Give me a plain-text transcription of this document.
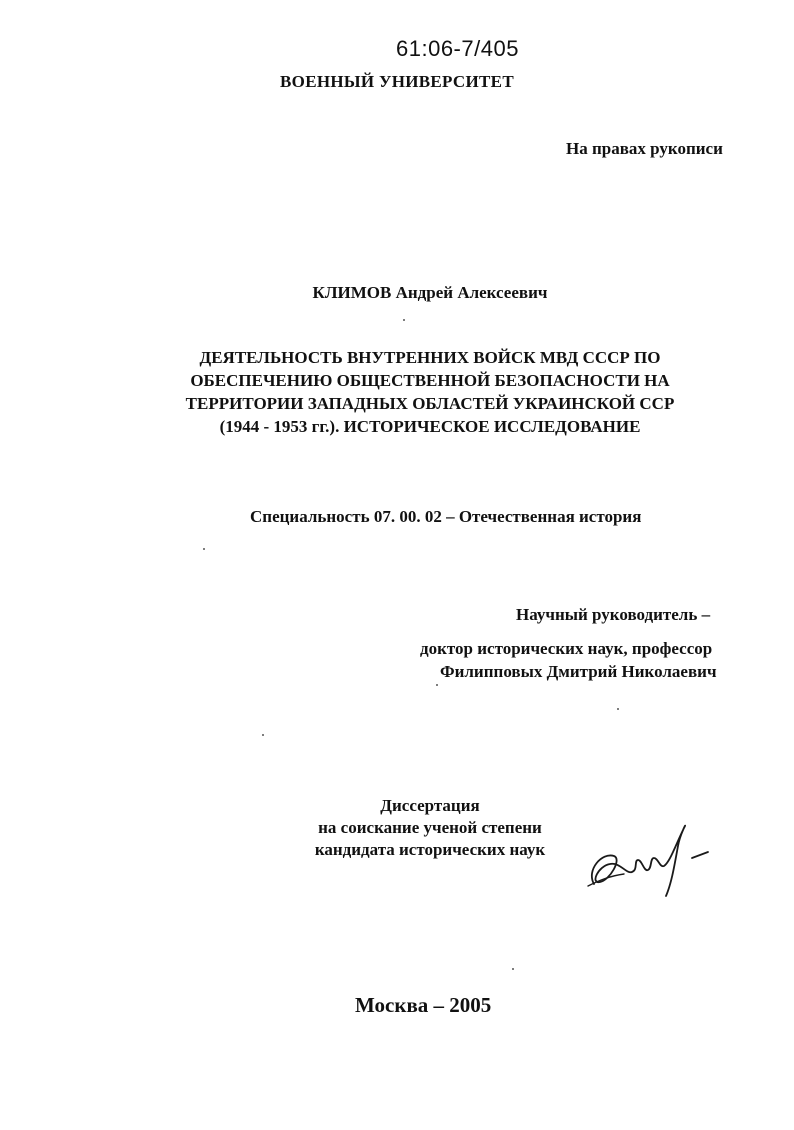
61:06-7/405
ВОЕННЫЙ УНИВЕРСИТЕТ
На правах рукописи
КЛИМОВ Андрей Алексеевич
ДЕЯТЕЛЬНОСТЬ ВНУТРЕННИХ ВОЙСК МВД СССР ПО
ОБЕСПЕЧЕНИЮ ОБЩЕСТВЕННОЙ БЕЗОПАСНОСТИ НА
ТЕРРИТОРИИ ЗАПАДНЫХ ОБЛАСТЕЙ УКРАИНСКОЙ ССР
(1944 - 1953 гг.). ИСТОРИЧЕСКОЕ ИССЛЕДОВАНИЕ
Специальность 07. 00. 02 – Отечественная история
Научный руководитель –
доктор исторических наук, профессор
Филипповых Дмитрий Николаевич
Диссертация
на соискание ученой степени
кандидата исторических наук
Москва – 2005
